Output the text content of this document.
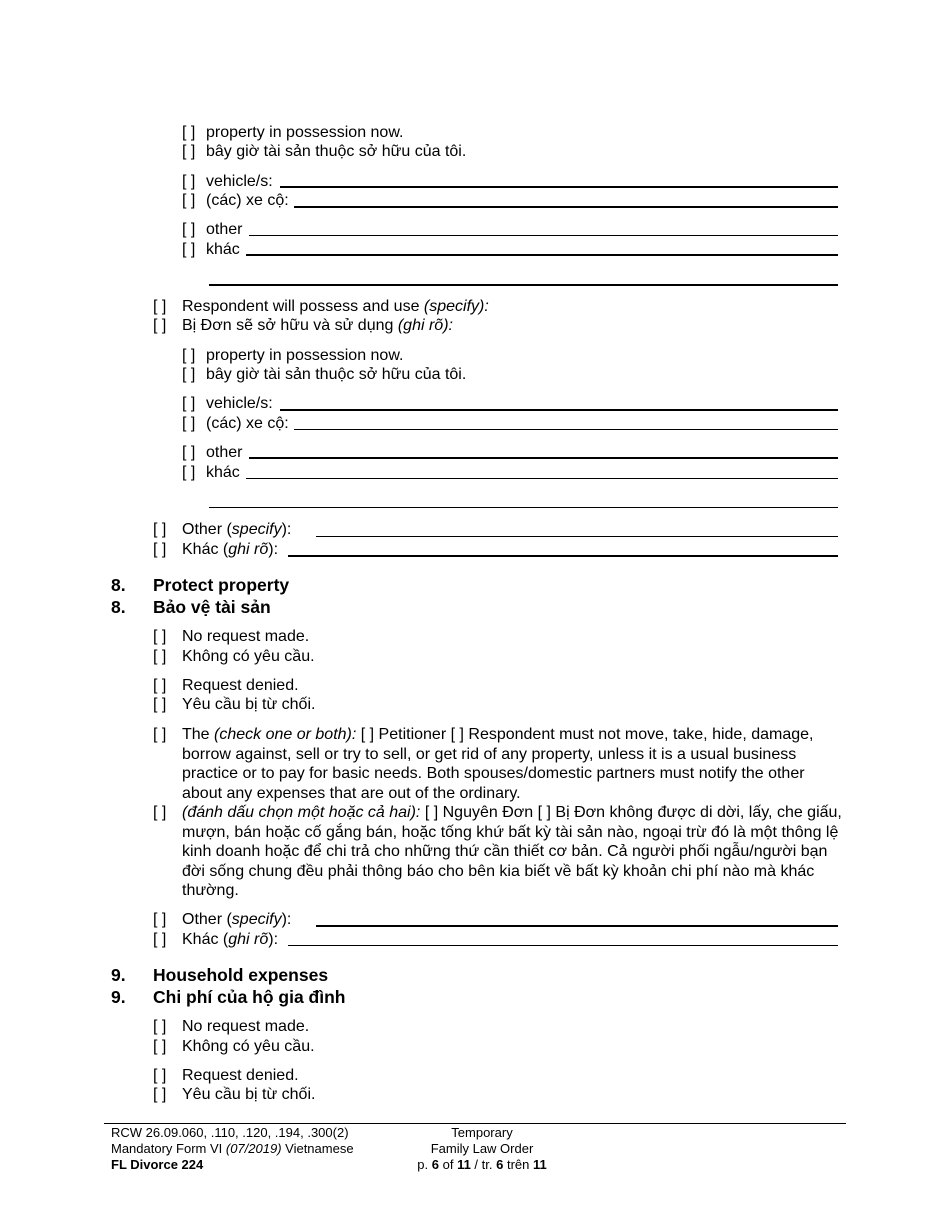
[ ] property in possession now.
[ ] bây giờ tài sản thuộc sở hữu của tôi.
[ ] vehicle/s:
[ ] (các) xe cộ:
[ ] other
[ ] khác
[ ] Respondent will possess and use (specify):
[ ] Bị Đơn sẽ sở hữu và sử dụng (ghi rõ):
[ ] property in possession now.
[ ] bây giờ tài sản thuộc sở hữu của tôi.
[ ] vehicle/s:
[ ] (các) xe cộ:
[ ] other
[ ] khác
[ ] Other (specify):
[ ] Khác (ghi rõ):
8. Protect property
8. Bảo vệ tài sản
[ ] No request made.
[ ] Không có yêu cầu.
[ ] Request denied.
[ ] Yêu cầu bị từ chối.
[ ] The (check one or both): [ ] Petitioner [ ] Respondent must not move, take, hide, damage, borrow against, sell or try to sell, or get rid of any property, unless it is a usual business practice or to pay for basic needs. Both spouses/domestic partners must notify the other about any expenses that are out of the ordinary.
[ ] (đánh dấu chọn một hoặc cả hai): [ ] Nguyên Đơn [ ] Bị Đơn không được di dời, lấy, che giấu, mượn, bán hoặc cố gắng bán, hoặc tống khứ bất kỳ tài sản nào, ngoại trừ đó là một thông lệ kinh doanh hoặc để chi trả cho những thứ cần thiết cơ bản. Cả người phối ngẫu/người bạn đời sống chung đều phải thông báo cho bên kia biết về bất kỳ khoản chi phí nào mà khác thường.
[ ] Other (specify):
[ ] Khác (ghi rõ):
9. Household expenses
9. Chi phí của hộ gia đình
[ ] No request made.
[ ] Không có yêu cầu.
[ ] Request denied.
[ ] Yêu cầu bị từ chối.
RCW 26.09.060, .110, .120, .194, .300(2)
Mandatory Form VI (07/2019) Vietnamese
FL Divorce 224
Temporary
Family Law Order
p. 6 of 11 / tr. 6 trên 11
